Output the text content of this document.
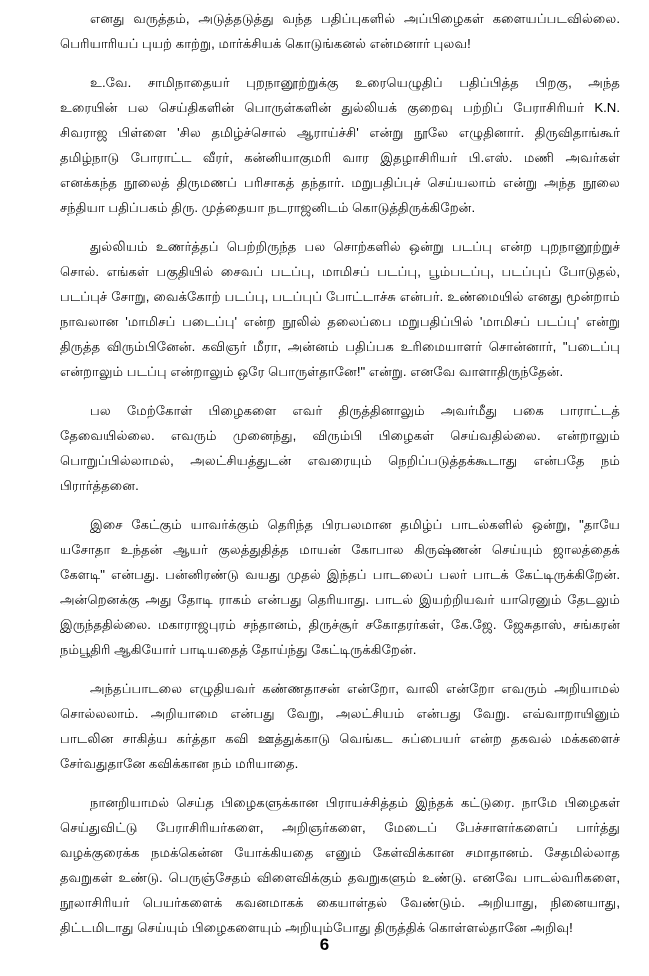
எனது வருத்தம், அடுத்தடுத்து வந்த பதிப்புகளில் அப்பிழைகள் களையப்படவில்லை.
பெரியாரியப் புயற் காற்று, மார்க்சியக் கொடுங்கனல் என்மனார் புலவ!
உ.வே. சாமிநாதையர் புறநானூற்றுக்கு உரையெழுதிப் பதிப்பித்த பிறகு, அந்த
உரையின் பல செய்திகளின் பொருள்களின் துல்லியக் குறைவு பற்றிப் பேராசிரியர் K.N.
சிவராஜ பிள்ளை 'சில தமிழ்ச்சொல் ஆராய்ச்சி' என்று நூலே எழுதினார். திருவிதாங்கூர்
தமிழ்நாடு போராட்ட வீரர், கன்னியாகுமரி வார இதழாசிரியர் பி.எஸ். மணி அவர்கள்
எனக்கந்த நூலைத் திருமணப் பரிசாகத் தந்தார். மறுபதிப்புச் செய்யலாம் என்று அந்த நூலை
சந்தியா பதிப்பகம் திரு. முத்தையா நடராஜனிடம் கொடுத்திருக்கிறேன்.
துல்லியம் உணர்த்தப் பெற்றிருந்த பல சொற்களில் ஒன்று படப்பு என்ற புறநானூற்றுச்
சொல். எங்கள் பகுதியில் சைவப் படப்பு, மாமிசப் படப்பு, பூம்படப்பு, படப்புப் போடுதல்,
படப்புச் சோறு, வைக்கோற் படப்பு, படப்புப் போட்டாச்சு என்பர். உண்மையில் எனது மூன்றாம்
நாவலான 'மாமிசப் படைப்பு' என்ற நூலில் தலைப்பை மறுபதிப்பில் 'மாமிசப் படப்பு' என்று
திருத்த விரும்பினேன். கவிஞர் மீரா, அன்னம் பதிப்பக உரிமையாளர் சொன்னார், "படைப்பு
என்றாலும் படப்பு என்றாலும் ஒரே பொருள்தானே!" என்று. எனவே வாளாதிருந்தேன்.
பல மேற்கோள் பிழைகளை எவர் திருத்தினாலும் அவர்மீது பகை பாராட்டத்
தேவையில்லை. எவரும் முனைந்து, விரும்பி பிழைகள் செய்வதில்லை. என்றாலும்
பொறுப்பில்லாமல், அலட்சியத்துடன் எவரையும் நெறிப்படுத்தக்கூடாது என்பதே நம்
பிரார்த்தனை.
இசை கேட்கும் யாவர்க்கும் தெரிந்த பிரபலமான தமிழ்ப் பாடல்களில் ஒன்று, "தாயே
யசோதா உந்தன் ஆயர் குலத்துதித்த மாயன் கோபால கிருஷ்ணன் செய்யும் ஜாலத்தைக்
கேளடி" என்பது. பன்னிரண்டு வயது முதல் இந்தப் பாடலைப் பலர் பாடக் கேட்டிருக்கிறேன்.
அன்றெனக்கு அது தோடி ராகம் என்பது தெரியாது. பாடல் இயற்றியவர் யாரெனும் தேடலும்
இருந்ததில்லை. மகாராஜபுரம் சந்தானம், திருச்சூர் சகோதரர்கள், கே.ஜே. ஜேசுதாஸ், சங்கரன்
நம்பூதிரி ஆகியோர் பாடியதைத் தோய்ந்து கேட்டிருக்கிறேன்.
அந்தப்பாடலை எழுதியவர் கண்ணதாசன் என்றோ, வாலி என்றோ எவரும் அறியாமல்
சொல்லலாம். அறியாமை என்பது வேறு, அலட்சியம் என்பது வேறு. எவ்வாறாயினும்
பாடலின சாகித்ய கர்த்தா கவி ஊத்துக்காடு வெங்கட சுப்பையர் என்ற தகவல் மக்களைச்
சேர்வதுதானே கவிக்கான நம் மரியாதை.
நானறியாமல் செய்த பிழைகளுக்கான பிராயச்சித்தம் இந்தக் கட்டுரை. நாமே பிழைகள்
செய்துவிட்டு பேராசிரியர்களை, அறிஞர்களை, மேடைப் பேச்சாளர்களைப் பார்த்து
வழக்குரைக்க நமக்கென்ன யோக்கியதை எனும் கேள்விக்கான சமாதானம். சேதமில்லாத
தவறுகள் உண்டு. பெருஞ்சேதம் விளைவிக்கும் தவறுகளும் உண்டு. எனவே பாடல்வரிகளை,
நூலாசிரியர் பெயர்களைக் கவனமாகக் கையாள்தல் வேண்டும். அறியாது, நினையாது,
திட்டமிடாது செய்யும் பிழைகளையும் அறியும்போது திருத்திக் கொள்ளல்தானே அறிவு!
6
